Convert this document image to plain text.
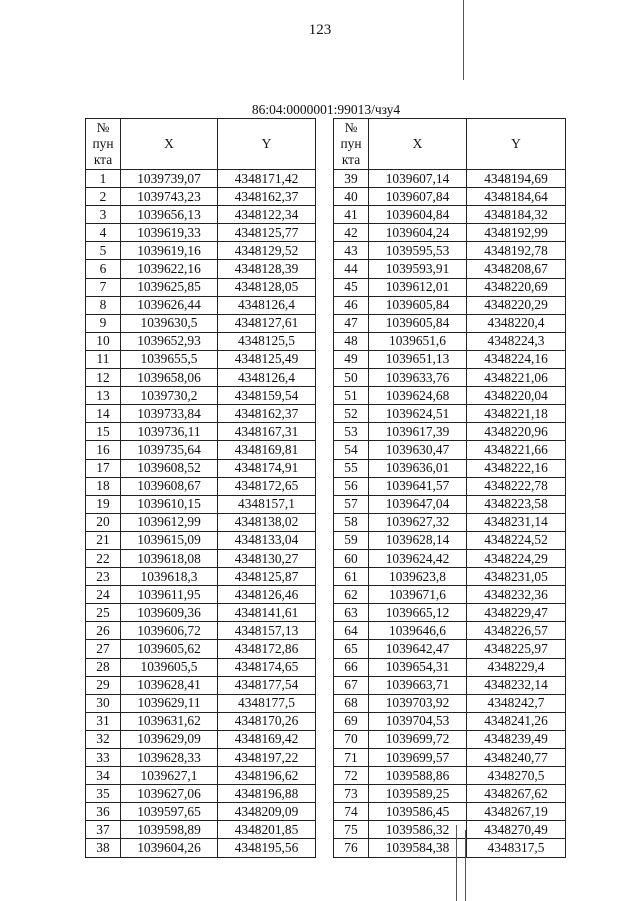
123
86:04:0000001:99013/чзу4
№
пун
кта	X	Y
1	1039739,07	4348171,42
2	1039743,23	4348162,37
3	1039656,13	4348122,34
4	1039619,33	4348125,77
5	1039619,16	4348129,52
6	1039622,16	4348128,39
7	1039625,85	4348128,05
8	1039626,44	4348126,4
9	1039630,5	4348127,61
10	1039652,93	4348125,5
11	1039655,5	4348125,49
12	1039658,06	4348126,4
13	1039730,2	4348159,54
14	1039733,84	4348162,37
15	1039736,11	4348167,31
16	1039735,64	4348169,81
17	1039608,52	4348174,91
18	1039608,67	4348172,65
19	1039610,15	4348157,1
20	1039612,99	4348138,02
21	1039615,09	4348133,04
22	1039618,08	4348130,27
23	1039618,3	4348125,87
24	1039611,95	4348126,46
25	1039609,36	4348141,61
26	1039606,72	4348157,13
27	1039605,62	4348172,86
28	1039605,5	4348174,65
29	1039628,41	4348177,54
30	1039629,11	4348177,5
31	1039631,62	4348170,26
32	1039629,09	4348169,42
33	1039628,33	4348197,22
34	1039627,1	4348196,62
35	1039627,06	4348196,88
36	1039597,65	4348209,09
37	1039598,89	4348201,85
38	1039604,26	4348195,56
№
пун
кта	X	Y
39	1039607,14	4348194,69
40	1039607,84	4348184,64
41	1039604,84	4348184,32
42	1039604,24	4348192,99
43	1039595,53	4348192,78
44	1039593,91	4348208,67
45	1039612,01	4348220,69
46	1039605,84	4348220,29
47	1039605,84	4348220,4
48	1039651,6	4348224,3
49	1039651,13	4348224,16
50	1039633,76	4348221,06
51	1039624,68	4348220,04
52	1039624,51	4348221,18
53	1039617,39	4348220,96
54	1039630,47	4348221,66
55	1039636,01	4348222,16
56	1039641,57	4348222,78
57	1039647,04	4348223,58
58	1039627,32	4348231,14
59	1039628,14	4348224,52
60	1039624,42	4348224,29
61	1039623,8	4348231,05
62	1039671,6	4348232,36
63	1039665,12	4348229,47
64	1039646,6	4348226,57
65	1039642,47	4348225,97
66	1039654,31	4348229,4
67	1039663,71	4348232,14
68	1039703,92	4348242,7
69	1039704,53	4348241,26
70	1039699,72	4348239,49
71	1039699,57	4348240,77
72	1039588,86	4348270,5
73	1039589,25	4348267,62
74	1039586,45	4348267,19
75	1039586,32	4348270,49
76	1039584,38	4348317,5
